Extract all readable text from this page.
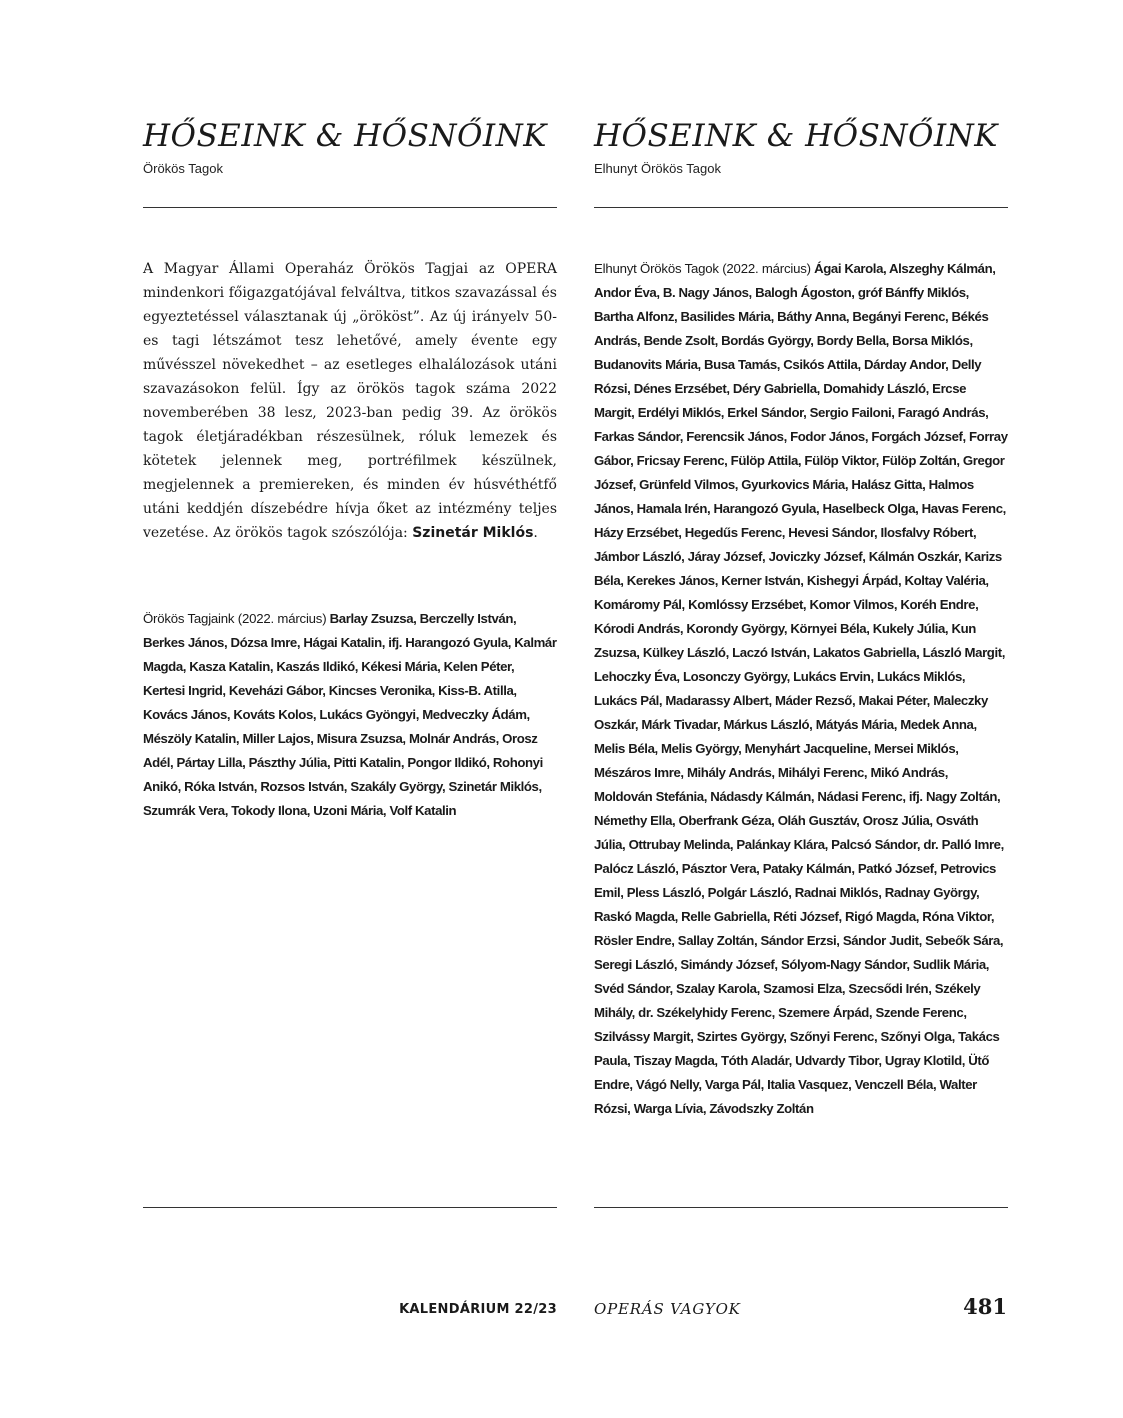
HŐSEINK & HŐSNŐINK
Örökös Tagok

A Magyar Állami Operaház Örökös Tagjai az OPERA mindenkori főigazgatójával felváltva, titkos szavazással és egyeztetéssel választanak új „örököst”. Az új irányelv 50-es tagi létszámot tesz lehetővé, amely évente egy művésszel növekedhet – az esetleges elhalálozások utáni szavazásokon felül. Így az örökös tagok száma 2022 novemberében 38 lesz, 2023-ban pedig 39. Az örökös tagok életjáradékban részesülnek, róluk lemezek és kötetek jelennek meg, portréfilmek készülnek, megjelennek a premiereken, és minden év húsvéthétfő utáni keddjén díszebédre hívja őket az intézmény teljes vezetése. Az örökös tagok szószólója: Szinetár Miklós.

Örökös Tagjaink (2022. március) Barlay Zsuzsa, Berczelly István, Berkes János, Dózsa Imre, Hágai Katalin, ifj. Harangozó Gyula, Kalmár Magda, Kasza Katalin, Kaszás Ildikó, Kékesi Mária, Kelen Péter, Kertesi Ingrid, Keveházi Gábor, Kincses Veronika, Kiss-B. Atilla, Kovács János, Kováts Kolos, Lukács Gyöngyi, Medveczky Ádám, Mészöly Katalin, Miller Lajos, Misura Zsuzsa, Molnár András, Orosz Adél, Pártay Lilla, Pászthy Júlia, Pitti Katalin, Pongor Ildikó, Rohonyi Anikó, Róka István, Rozsos István, Szakály György, Szinetár Miklós, Szumrák Vera, Tokody Ilona, Uzoni Mária, Volf Katalin

HŐSEINK & HŐSNŐINK
Elhunyt Örökös Tagok

Elhunyt Örökös Tagok (2022. március) Ágai Karola, Alszeghy Kálmán, Andor Éva, B. Nagy János, Balogh Ágoston, gróf Bánffy Miklós, Bartha Alfonz, Basilides Mária, Báthy Anna, Begányi Ferenc, Békés András, Bende Zsolt, Bordás György, Bordy Bella, Borsa Miklós, Budanovits Mária, Busa Tamás, Csikós Attila, Dárday Andor, Delly Rózsi, Dénes Erzsébet, Déry Gabriella, Domahidy László, Ercse Margit, Erdélyi Miklós, Erkel Sándor, Sergio Failoni, Faragó András, Farkas Sándor, Ferencsik János, Fodor János, Forgách József, Forray Gábor, Fricsay Ferenc, Fülöp Attila, Fülöp Viktor, Fülöp Zoltán, Gregor József, Grünfeld Vilmos, Gyurkovics Mária, Halász Gitta, Halmos János, Hamala Irén, Harangozó Gyula, Haselbeck Olga, Havas Ferenc, Házy Erzsébet, Hegedűs Ferenc, Hevesi Sándor, Ilosfalvy Róbert, Jámbor László, Járay József, Joviczky József, Kálmán Oszkár, Karizs Béla, Kerekes János, Kerner István, Kishegyi Árpád, Koltay Valéria, Komáromy Pál, Komlóssy Erzsébet, Komor Vilmos, Koréh Endre, Kórodi András, Korondy György, Környei Béla, Kukely Júlia, Kun Zsuzsa, Külkey László, Laczó István, Lakatos Gabriella, László Margit, Lehoczky Éva, Losonczy György, Lukács Ervin, Lukács Miklós, Lukács Pál, Madarassy Albert, Máder Rezső, Makai Péter, Maleczky Oszkár, Márk Tivadar, Márkus László, Mátyás Mária, Medek Anna, Melis Béla, Melis György, Menyhárt Jacqueline, Mersei Miklós, Mészáros Imre, Mihály András, Mihályi Ferenc, Mikó András, Moldován Stefánia, Nádasdy Kálmán, Nádasi Ferenc, ifj. Nagy Zoltán, Némethy Ella, Oberfrank Géza, Oláh Gusztáv, Orosz Júlia, Osváth Júlia, Ottrubay Melinda, Palánkay Klára, Palcsó Sándor, dr. Palló Imre, Palócz László, Pásztor Vera, Pataky Kálmán, Patkó József, Petrovics Emil, Pless László, Polgár László, Radnai Miklós, Radnay György, Raskó Magda, Relle Gabriella, Réti József, Rigó Magda, Róna Viktor, Rösler Endre, Sallay Zoltán, Sándor Erzsi, Sándor Judit, Sebeők Sára, Seregi László, Simándy József, Sólyom-Nagy Sándor, Sudlik Mária, Svéd Sándor, Szalay Karola, Szamosi Elza, Szecsődi Irén, Székely Mihály, dr. Székelyhidy Ferenc, Szemere Árpád, Szende Ferenc, Szilvássy Margit, Szirtes György, Szőnyi Ferenc, Szőnyi Olga, Takács Paula, Tiszay Magda, Tóth Aladár, Udvardy Tibor, Ugray Klotild, Ütő Endre, Vágó Nelly, Varga Pál, Italia Vasquez, Venczell Béla, Walter Rózsi, Warga Lívia, Závodszky Zoltán

KALENDÁRIUM 22/23 OPERÁS VAGYOK	481
